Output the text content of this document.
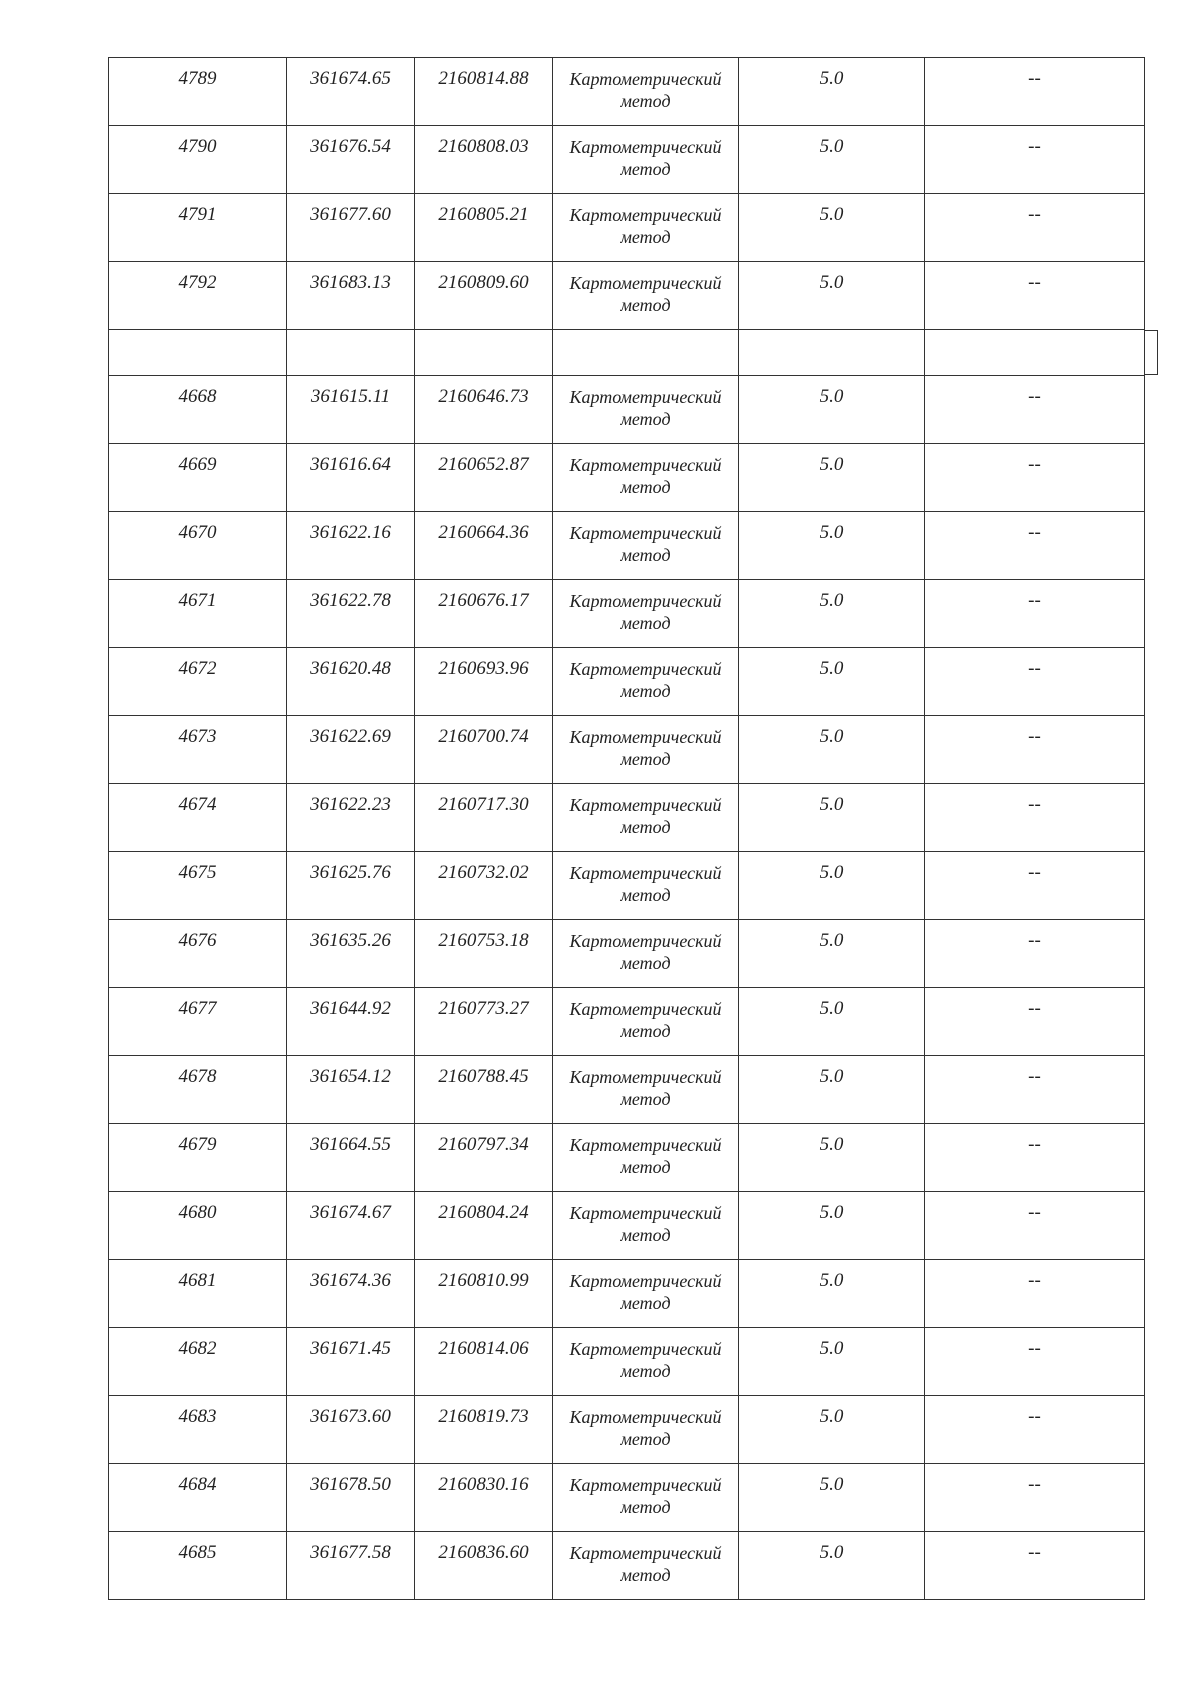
4789	361674.65	2160814.88	Картометрический
метод	5.0	--

4790	361676.54	2160808.03	Картометрический
метод	5.0	--

4791	361677.60	2160805.21	Картометрический
метод	5.0	--

4792	361683.13	2160809.60	Картометрический
метод	5.0	--

4668	361615.11	2160646.73	Картометрический
метод	5.0	--

4669	361616.64	2160652.87	Картометрический
метод	5.0	--

4670	361622.16	2160664.36	Картометрический
метод	5.0	--

4671	361622.78	2160676.17	Картометрический
метод	5.0	--

4672	361620.48	2160693.96	Картометрический
метод	5.0	--

4673	361622.69	2160700.74	Картометрический
метод	5.0	--

4674	361622.23	2160717.30	Картометрический
метод	5.0	--

4675	361625.76	2160732.02	Картометрический
метод	5.0	--

4676	361635.26	2160753.18	Картометрический
метод	5.0	--

4677	361644.92	2160773.27	Картометрический
метод	5.0	--

4678	361654.12	2160788.45	Картометрический
метод	5.0	--

4679	361664.55	2160797.34	Картометрический
метод	5.0	--

4680	361674.67	2160804.24	Картометрический
метод	5.0	--

4681	361674.36	2160810.99	Картометрический
метод	5.0	--

4682	361671.45	2160814.06	Картометрический
метод	5.0	--

4683	361673.60	2160819.73	Картометрический
метод	5.0	--

4684	361678.50	2160830.16	Картометрический
метод	5.0	--

4685	361677.58	2160836.60	Картометрический
метод	5.0	--
